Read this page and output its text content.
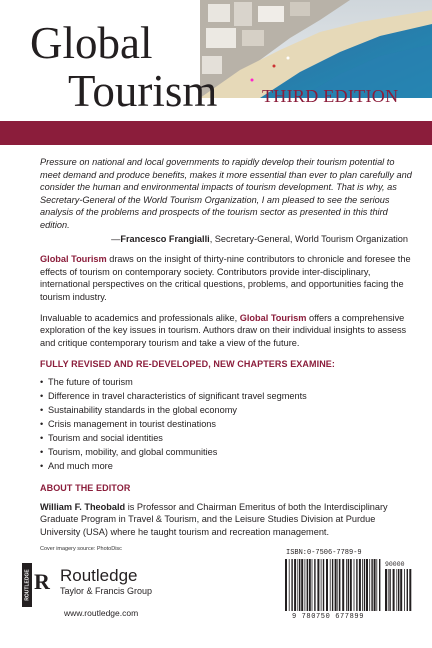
Global
Tourism THIRD EDITION

Pressure on national and local governments to rapidly develop their tourism potential to meet demand and produce benefits, makes it more essential than ever to plan carefully and consider the human and environmental impacts of tourism development. That is why, as Secretary-General of the World Tourism Organization, I am pleased to see the serious analysis of the problems and prospects of the tourism sector as presented in this third edition.

—Francesco Frangialli, Secretary-General, World Tourism Organization

Global Tourism draws on the insight of thirty-nine contributors to chronicle and foresee the effects of tourism on contemporary society. Contributors provide inter-disciplinary, international perspectives on the critical questions, problems, and opportunities facing the tourism industry.

Invaluable to academics and professionals alike, Global Tourism offers a comprehensive exploration of the key issues in tourism. Authors draw on their individual insights to assess and critique contemporary tourism and take a view of the future.

FULLY REVISED AND RE-DEVELOPED, NEW CHAPTERS EXAMINE:
• The future of tourism
• Difference in travel characteristics of significant travel segments
• Sustainability standards in the global economy
• Crisis management in tourist destinations
• Tourism and social identities
• Tourism, mobility, and global communities
• And much more
ABOUT THE EDITOR

William F. Theobald is Professor and Chairman Emeritus of both the Interdisciplinary Graduate Program in Travel & Tourism, and the Leisure Studies Division at Purdue University (USA) where he taught tourism and recreation management.

Cover imagery source: PhotoDisc

ROUTLEDGE R Routledge
Taylor & Francis Group
www.routledge.com
ISBN:0-7506-7789-9
90000
9 780750 677899
